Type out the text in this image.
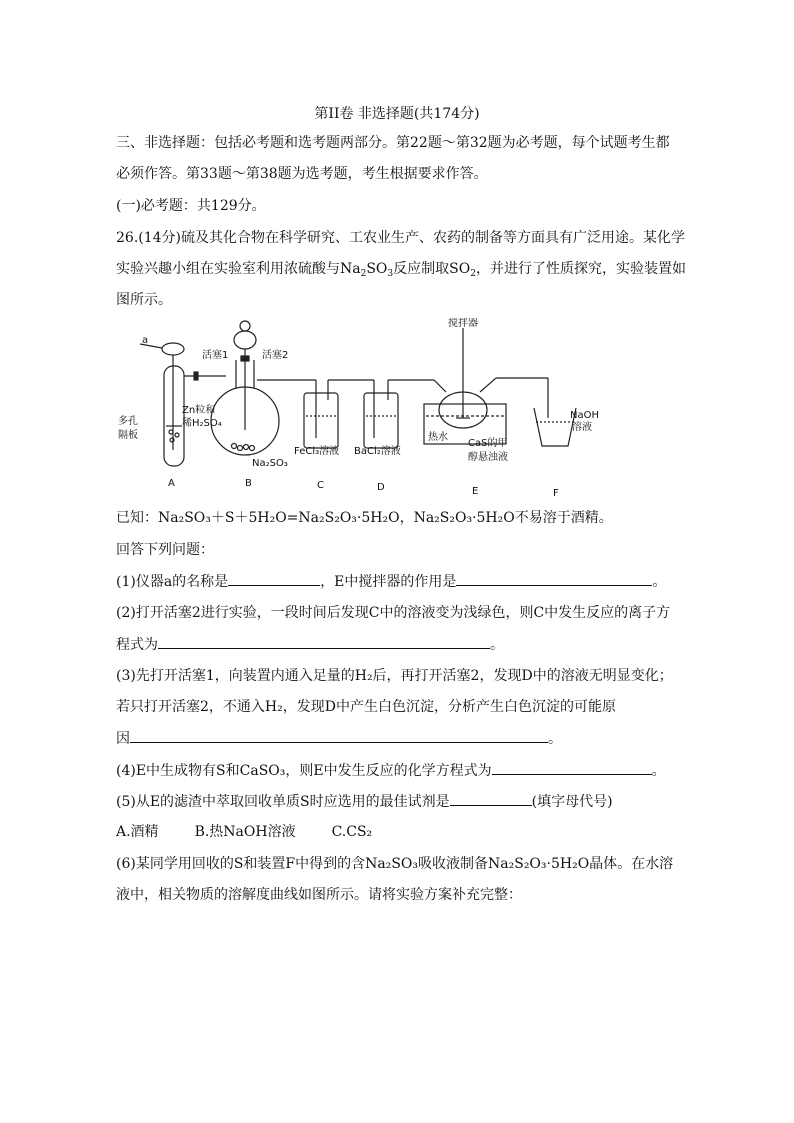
第II卷 非选择题(共174分)
三、非选择题：包括必考题和选考题两部分。第22题～第32题为必考题，每个试题考生都
必须作答。第33题～第38题为选考题，考生根据要求作答。
(一)必考题：共129分。
26.(14分)硫及其化合物在科学研究、工农业生产、农药的制备等方面具有广泛用途。某化学
实验兴趣小组在实验室利用浓硫酸与$Na_2SO_3$反应制取$SO_2$，并进行了性质探究，实验装置如
图所示。
a
活塞1	活塞2
Zn粒和
稀H₂SO₄
多孔
隔板
Na₂SO₃
FeCl₃溶液 BaCl₂溶液
搅拌器
热水
CaS的甲
醇悬浊液
NaOH
溶液
A	B	C	D	E	F
已知：Na₂SO₃＋S＋5H₂O=Na₂S₂O₃·5H₂O，Na₂S₂O₃·5H₂O不易溶于酒精。
回答下列问题：
(1)仪器a的名称是	，E中搅拌器的作用是	。
(2)打开活塞2进行实验，一段时间后发现C中的溶液变为浅绿色，则C中发生反应的离子方
程式为	。
(3)先打开活塞1，向装置内通入足量的H₂后，再打开活塞2，发现D中的溶液无明显变化；
若只打开活塞2，不通入H₂，发现D中产生白色沉淀，分析产生白色沉淀的可能原
因	。
(4)E中生成物有S和CaSO₃，则E中发生反应的化学方程式为	。
(5)从E的滤渣中萃取回收单质S时应选用的最佳试剂是	(填字母代号)
A.酒精	B.热NaOH溶液	C.CS₂
(6)某同学用回收的S和装置F中得到的含Na₂SO₃吸收液制备Na₂S₂O₃·5H₂O晶体。在水溶
液中，相关物质的溶解度曲线如图所示。请将实验方案补充完整：
